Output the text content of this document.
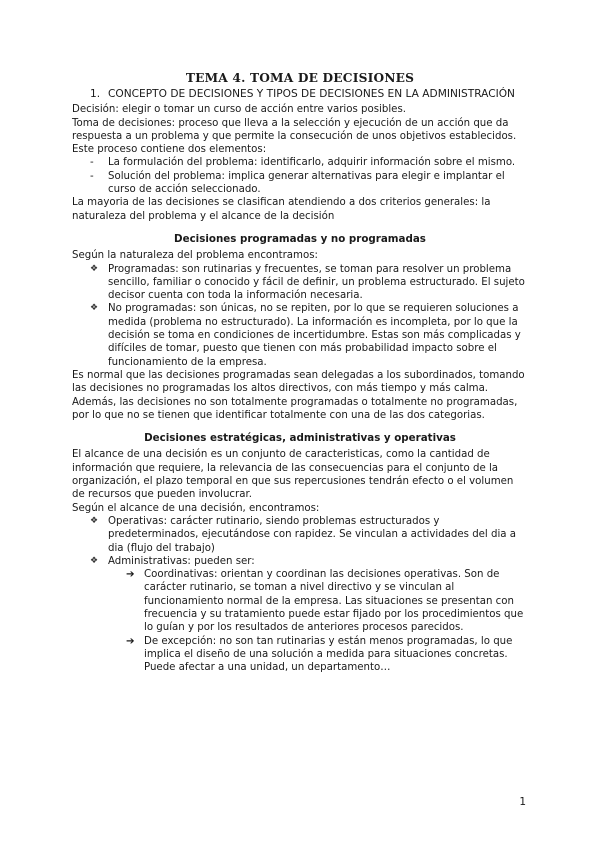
TEMA 4. TOMA DE DECISIONES
1. CONCEPTO DE DECISIONES Y TIPOS DE DECISIONES EN LA ADMINISTRACIÓN

Decisión: elegir o tomar un curso de acción entre varios posibles.

Toma de decisiones: proceso que lleva a la selección y ejecución de un acción que da respuesta a un problema y que permite la consecución de unos objetivos establecidos.

Este proceso contiene dos elementos:

-	La formulación del problema: identificarlo, adquirir información sobre el mismo.
-	Solución del problema: implica generar alternativas para elegir e implantar el curso de acción seleccionado.

La mayoria de las decisiones se clasifican atendiendo a dos criterios generales: la naturaleza del problema y el alcance de la decisión

Decisiones programadas y no programadas

Según la naturaleza del problema encontramos:

❖ Programadas: son rutinarias y frecuentes, se toman para resolver un problema sencillo, familiar o conocido y fácil de definir, un problema estructurado. El sujeto decisor cuenta con toda la información necesaria.
❖ No programadas: son únicas, no se repiten, por lo que se requieren soluciones a medida (problema no estructurado). La información es incompleta, por lo que la decisión se toma en condiciones de incertidumbre. Estas son más complicadas y difíciles de tomar, puesto que tienen con más probabilidad impacto sobre el funcionamiento de la empresa.

Es normal que las decisiones programadas sean delegadas a los subordinados, tomando las decisiones no programadas los altos directivos, con más tiempo y más calma. Además, las decisiones no son totalmente programadas o totalmente no programadas, por lo que no se tienen que identificar totalmente con una de las dos categorias.

Decisiones estratégicas, administrativas y operativas

El alcance de una decisión es un conjunto de caracteristicas, como la cantidad de información que requiere, la relevancia de las consecuencias para el conjunto de la organización, el plazo temporal en que sus repercusiones tendrán efecto o el volumen de recursos que pueden involucrar.

Según el alcance de una decisión, encontramos:

❖ Operativas: carácter rutinario, siendo problemas estructurados y predeterminados, ejecutándose con rapidez. Se vinculan a actividades del dia a dia (flujo del trabajo)
❖ Administrativas: pueden ser:
➔ Coordinativas: orientan y coordinan las decisiones operativas. Son de carácter rutinario, se toman a nivel directivo y se vinculan al funcionamiento normal de la empresa. Las situaciones se presentan con frecuencia y su tratamiento puede estar fijado por los procedimientos que lo guían y por los resultados de anteriores procesos parecidos.
➔ De excepción: no son tan rutinarias y están menos programadas, lo que implica el diseño de una solución a medida para situaciones concretas. Puede afectar a una unidad, un departamento…
1
